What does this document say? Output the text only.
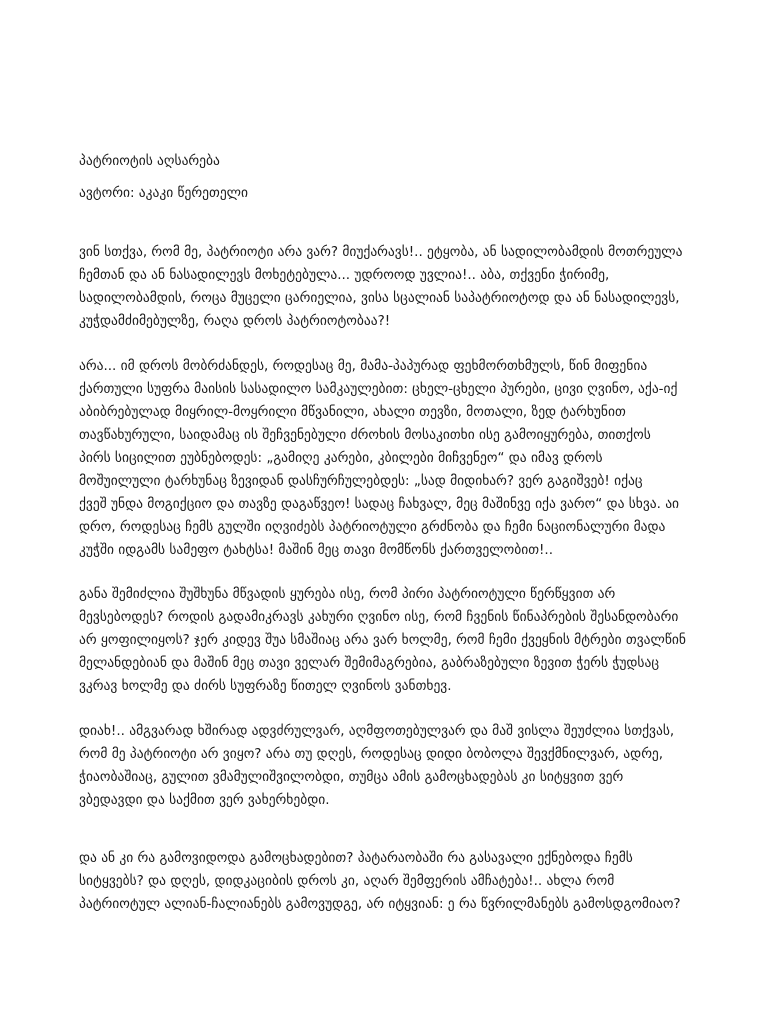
პატრიოტის აღსარება

ავტორი: აკაკი წერეთელი

ვინ სთქვა, რომ მე, პატრიოტი არა ვარ? მიუქარავს!.. ეტყობა, ან სადილობამდის მოთრეულა
ჩემთან და ან ნასადილევს მოხეტებულა... უდროოდ უვლია!.. აბა, თქვენი ჭირიმე,
სადილობამდის, როცა მუცელი ცარიელია, ვისა სცალიან საპატრიოტოდ და ან ნასადილევს,
კუჭდამძიმებულზე, რაღა დროს პატრიოტობაა?!

არა... იმ დროს მობრძანდეს, როდესაც მე, მამა-პაპურად ფეხმორთხმულს, წინ მიფენია
ქართული სუფრა მაისის სასადილო სამკაულებით: ცხელ-ცხელი პურები, ცივი ღვინო, აქა-იქ
აბიბრებულად მიყრილ-მოყრილი მწვანილი, ახალი თევზი, მოთალი, ზედ ტარხუნით
თავწახურული, საიდამაც ის შეჩვენებული ძროხის მოსაკითხი ისე გამოიყურება, თითქოს
პირს სიცილით ეუბნებოდეს: „გამიღე კარები, კბილები მიჩვენეო“ და იმავ დროს
მოშუილული ტარხუნაც ზევიდან დასჩურჩულებდეს: „სად მიდიხარ? ვერ გაგიშვებ! იქაც
ქვეშ უნდა მოგიქციო და თავზე დაგაწვეო! სადაც ჩახვალ, მეც მაშინვე იქა ვარო“ და სხვა. აი
დრო, როდესაც ჩემს გულში იღვიძებს პატრიოტული გრძნობა და ჩემი ნაციონალური მადა
კუჭში იდგამს სამეფო ტახტსა! მაშინ მეც თავი მომწონს ქართველობით!..

განა შემიძლია შუშხუნა მწვადის ყურება ისე, რომ პირი პატრიოტული წერწყვით არ
მევსებოდეს? როდის გადამიკრავს კახური ღვინო ისე, რომ ჩვენის წინაპრების შესანდობარი
არ ყოფილიყოს? ჯერ კიდევ შუა სმაშიაც არა ვარ ხოლმე, რომ ჩემი ქვეყნის მტრები თვალწინ
მელანდებიან და მაშინ მეც თავი ველარ შემიმაგრებია, გაბრაზებული ზევით ჭერს ჭუდსაც
ვკრავ ხოლმე და ძირს სუფრაზე წითელ ღვინოს ვანთხევ.

დიახ!.. ამგვარად ხშირად ადვძრულვარ, აღმფოთებულვარ და მაშ ვისლა შეუძლია სთქვას,
რომ მე პატრიოტი არ ვიყო? არა თუ დღეს, როდესაც დიდი ბობოლა შევქმნილვარ, ადრე,
ჭიაობაშიაც, გულით ვმამულიშვილობდი, თუმცა ამის გამოცხადებას კი სიტყვით ვერ
ვბედავდი და საქმით ვერ ვახერხებდი.

და ან კი რა გამოვიდოდა გამოცხადებით? პატარაობაში რა გასავალი ექნებოდა ჩემს
სიტყვებს? და დღეს, დიდკაციბის დროს კი, აღარ შემფერის ამჩატება!.. ახლა რომ
პატრიოტულ ალიან-ჩალიანებს გამოვუდგე, არ იტყვიან: ე რა წვრილმანებს გამოსდგომიაო?
